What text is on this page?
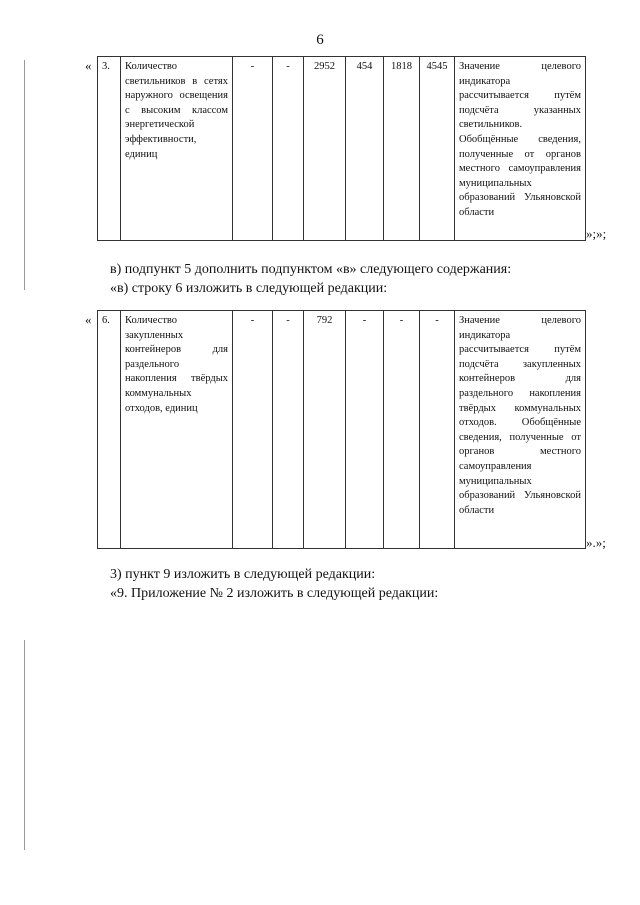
6
« 3.	Количество светильников в сетях наружного освещения с высоким классом энергетической эффективности, единиц	-	-	2952	454	1818	4545	Значение целевого индикатора рассчитывается путём подсчёта указанных светильников. Обобщённые сведения, полученные от органов местного самоуправления муниципальных образований Ульяновской области
»;»;
в) подпункт 5 дополнить подпунктом «в» следующего содержания:
«в) строку 6 изложить в следующей редакции:
« 6.	Количество закупленных контейнеров для раздельного накопления твёрдых коммунальных отходов, единиц	-	-	792	-	-	-	Значение целевого индикатора рассчитывается путём подсчёта закупленных контейнеров для раздельного накопления твёрдых коммунальных отходов. Обобщённые сведения, полученные от органов местного самоуправления муниципальных образований Ульяновской области
».»;
3) пункт 9 изложить в следующей редакции:
«9. Приложение № 2 изложить в следующей редакции:
